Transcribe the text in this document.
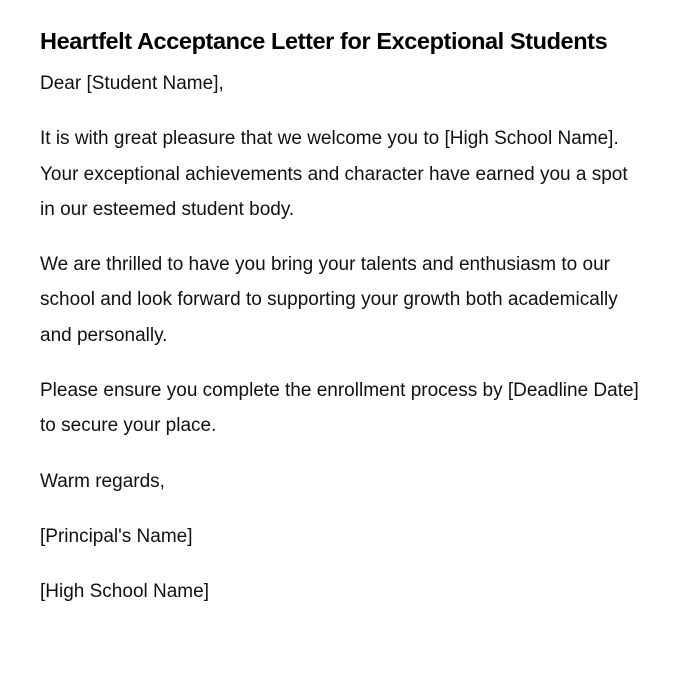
Heartfelt Acceptance Letter for Exceptional Students

Dear [Student Name],

It is with great pleasure that we welcome you to [High School Name]. Your exceptional achievements and character have earned you a spot in our esteemed student body.

We are thrilled to have you bring your talents and enthusiasm to our school and look forward to supporting your growth both academically and personally.

Please ensure you complete the enrollment process by [Deadline Date] to secure your place.

Warm regards,

[Principal's Name]

[High School Name]
